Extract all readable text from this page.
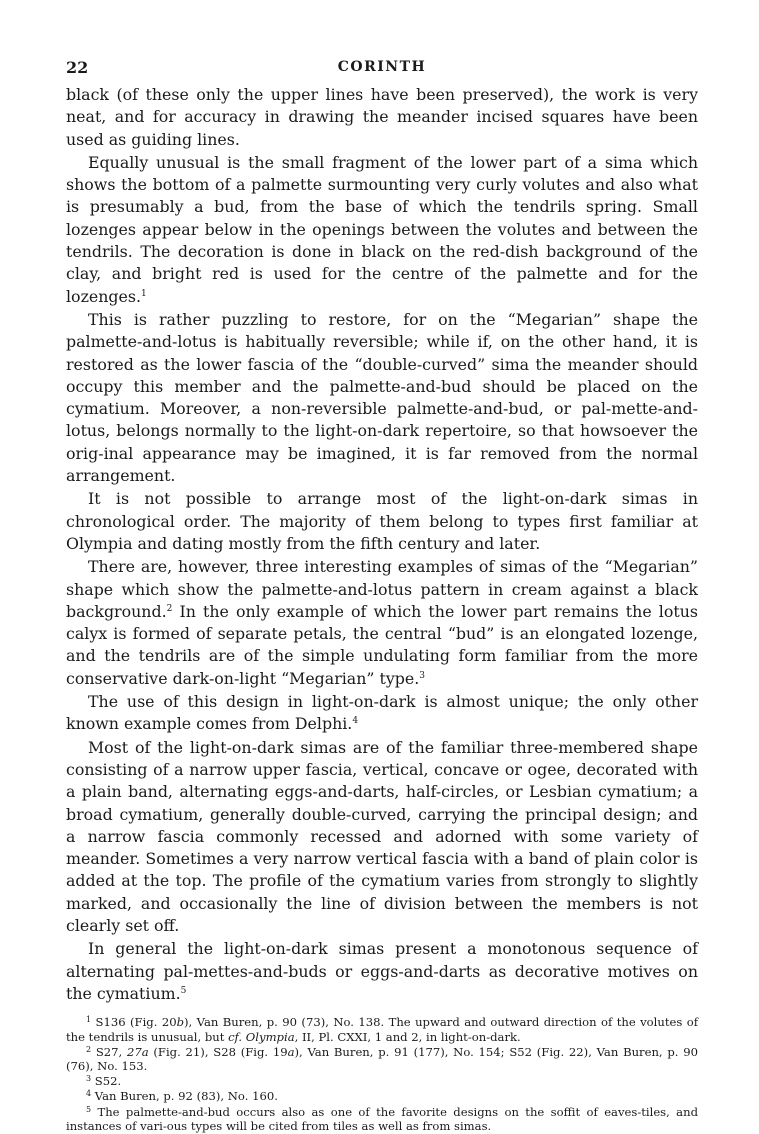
22	CORINTH

black (of these only the upper lines have been preserved), the work is very neat, and for accuracy in drawing the meander incised squares have been used as guiding lines.

Equally unusual is the small fragment of the lower part of a sima which shows the bottom of a palmette surmounting very curly volutes and also what is presumably a bud, from the base of which the tendrils spring. Small lozenges appear below in the openings between the volutes and between the tendrils. The decoration is done in black on the red-dish background of the clay, and bright red is used for the centre of the palmette and for the lozenges.$^1$

This is rather puzzling to restore, for on the “Megarian” shape the palmette-and-lotus is habitually reversible; while if, on the other hand, it is restored as the lower fascia of the “double-curved” sima the meander should occupy this member and the palmette-and-bud should be placed on the cymatium. Moreover, a non-reversible palmette-and-bud, or pal-mette-and-lotus, belongs normally to the light-on-dark repertoire, so that howsoever the orig-inal appearance may be imagined, it is far removed from the normal arrangement.

It is not possible to arrange most of the light-on-dark simas in chronological order. The majority of them belong to types first familiar at Olympia and dating mostly from the fifth century and later.

There are, however, three interesting examples of simas of the “Megarian” shape which show the palmette-and-lotus pattern in cream against a black background.$^2$ In the only example of which the lower part remains the lotus calyx is formed of separate petals, the central “bud” is an elongated lozenge, and the tendrils are of the simple undulating form familiar from the more conservative dark-on-light “Megarian” type.$^3$

The use of this design in light-on-dark is almost unique; the only other known example comes from Delphi.$^4$

Most of the light-on-dark simas are of the familiar three-membered shape consisting of a narrow upper fascia, vertical, concave or ogee, decorated with a plain band, alternating eggs-and-darts, half-circles, or Lesbian cymatium; a broad cymatium, generally double-curved, carrying the principal design; and a narrow fascia commonly recessed and adorned with some variety of meander. Sometimes a very narrow vertical fascia with a band of plain color is added at the top. The profile of the cymatium varies from strongly to slightly marked, and occasionally the line of division between the members is not clearly set off.

In general the light-on-dark simas present a monotonous sequence of alternating pal-mettes-and-buds or eggs-and-darts as decorative motives on the cymatium.$^5$

$^1$ S136 (Fig. 20b), Van Buren, p. 90 (73), No. 138. The upward and outward direction of the volutes of the tendrils is unusual, but cf. Olympia, II, Pl. CXXI, 1 and 2, in light-on-dark.

$^2$ S27, 27a (Fig. 21), S28 (Fig. 19a), Van Buren, p. 91 (177), No. 154; S52 (Fig. 22), Van Buren, p. 90 (76), No. 153.

$^3$ S52.

$^4$ Van Buren, p. 92 (83), No. 160.

$^5$ The palmette-and-bud occurs also as one of the favorite designs on the soffit of eaves-tiles, and instances of vari-ous types will be cited from tiles as well as from simas.
